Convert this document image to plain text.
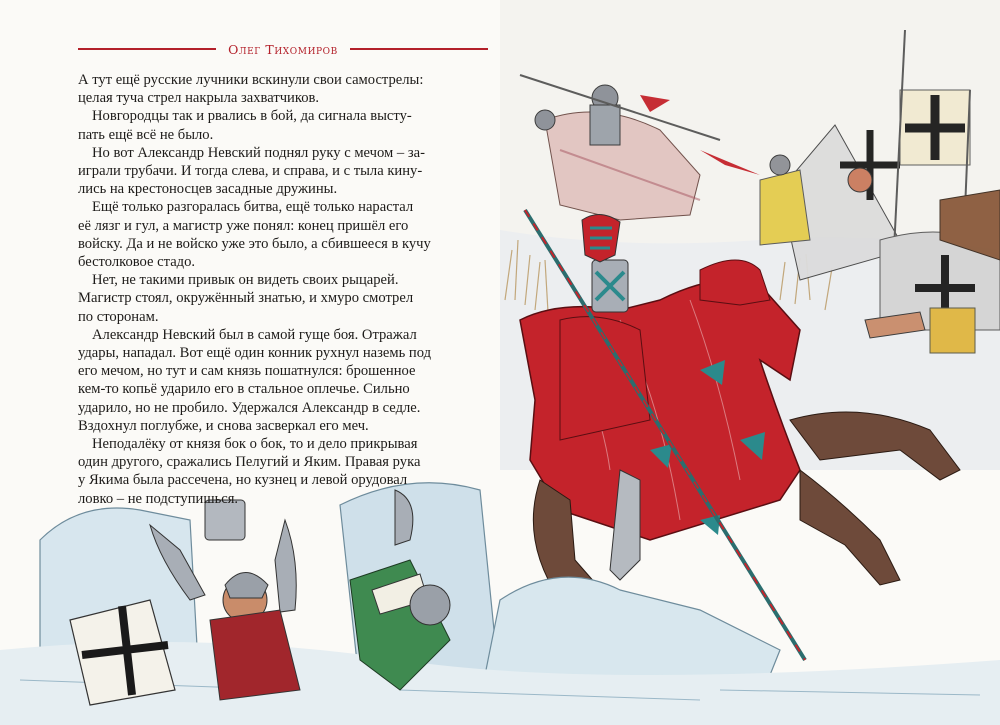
Олег Тихомиров

А тут ещё русские лучники вскинули свои самострелы:
целая туча стрел накрыла захватчиков.

Новгородцы так и рвались в бой, да сигнала высту-
пать ещё всё не было.

Но вот Александр Невский поднял руку с мечом – за-
играли трубачи. И тогда слева, и справа, и с тыла кину-
лись на крестоносцев засадные дружины.

Ещё только разгоралась битва, ещё только нарастал
её лязг и гул, а магистр уже понял: конец пришёл его
войску. Да и не войско уже это было, а сбившееся в кучу
бестолковое стадо.

Нет, не такими привык он видеть своих рыцарей.
Магистр стоял, окружённый знатью, и хмуро смотрел
по сторонам.

Александр Невский был в самой гуще боя. Отражал
удары, нападал. Вот ещё один конник рухнул наземь под
его мечом, но тут и сам князь пошатнулся: брошенное
кем-то копьё ударило его в стальное оплечье. Сильно
ударило, но не пробило. Удержался Александр в седле.
Вздохнул поглубже, и снова засверкал его меч.

Неподалёку от князя бок о бок, то и дело прикрывая
один другого, сражались Пелугий и Яким. Правая рука
у Якима была рассечена, но кузнец и левой орудовал
ловко – не подступишься.
